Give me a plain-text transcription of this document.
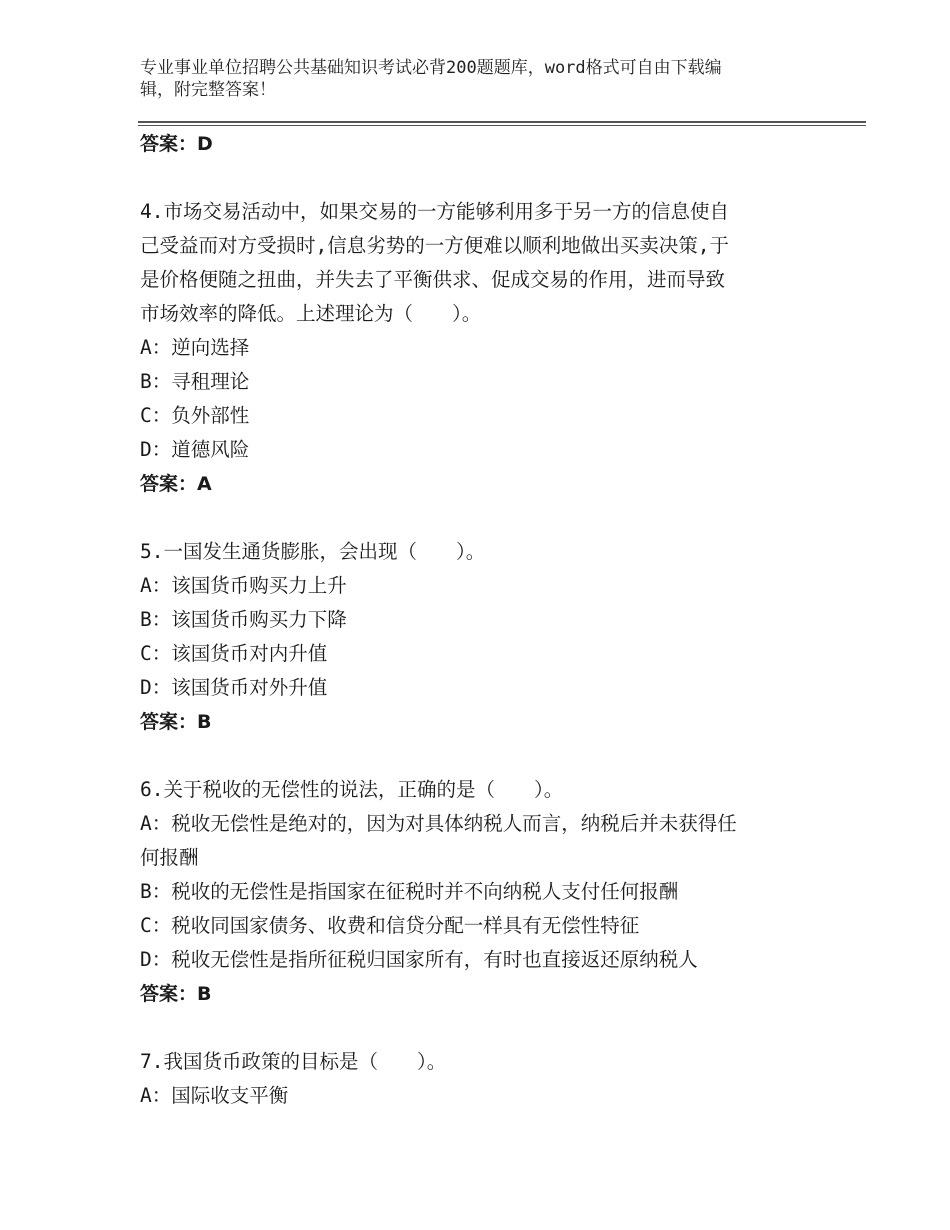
专业事业单位招聘公共基础知识考试必背200题题库，word格式可自由下载编
辑，附完整答案！
答案：D
4.市场交易活动中，如果交易的一方能够利用多于另一方的信息使自
己受益而对方受损时,信息劣势的一方便难以顺利地做出买卖决策,于
是价格便随之扭曲，并失去了平衡供求、促成交易的作用，进而导致
市场效率的降低。上述理论为（　　）。
A：逆向选择
B：寻租理论
C：负外部性
D：道德风险
答案：A
5.一国发生通货膨胀，会出现（　　）。
A：该国货币购买力上升
B：该国货币购买力下降
C：该国货币对内升值
D：该国货币对外升值
答案：B
6.关于税收的无偿性的说法，正确的是（　　）。
A：税收无偿性是绝对的，因为对具体纳税人而言，纳税后并未获得任
何报酬
B：税收的无偿性是指国家在征税时并不向纳税人支付任何报酬
C：税收同国家债务、收费和信贷分配一样具有无偿性特征
D：税收无偿性是指所征税归国家所有，有时也直接返还原纳税人
答案：B
7.我国货币政策的目标是（　　）。
A：国际收支平衡
